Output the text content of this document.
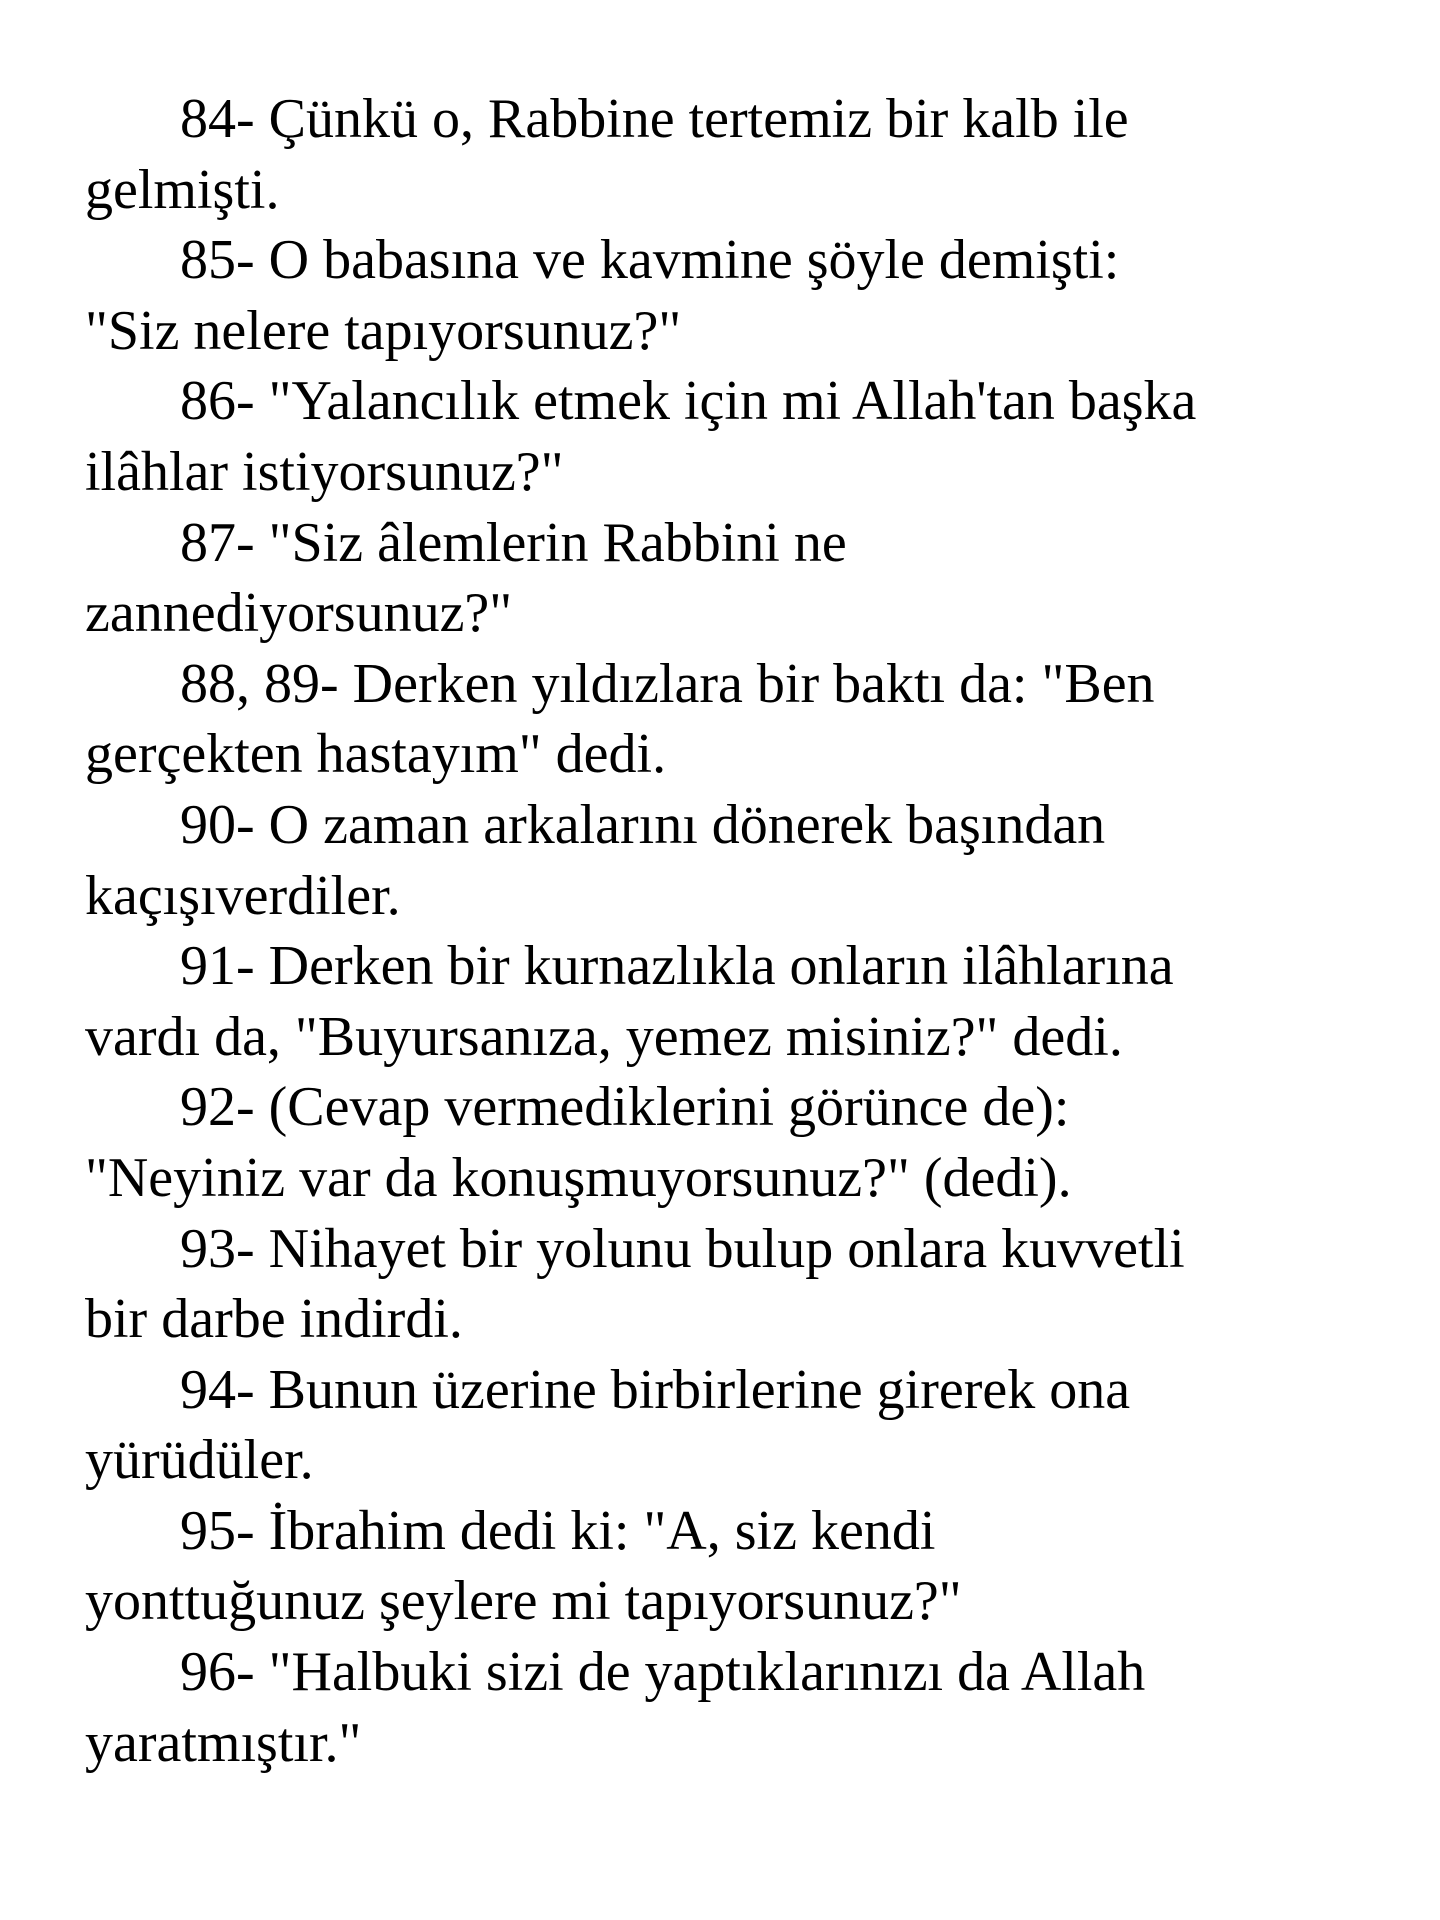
84- Çünkü o, Rabbine tertemiz bir kalb ile
gelmişti.

85- O babasına ve kavmine şöyle demişti:
"Siz nelere tapıyorsunuz?"

86- "Yalancılık etmek için mi Allah'tan başka
ilâhlar istiyorsunuz?"

87- "Siz âlemlerin Rabbini ne
zannediyorsunuz?"

88, 89- Derken yıldızlara bir baktı da: "Ben
gerçekten hastayım" dedi.

90- O zaman arkalarını dönerek başından
kaçışıverdiler.

91- Derken bir kurnazlıkla onların ilâhlarına
vardı da, "Buyursanıza, yemez misiniz?" dedi.

92- (Cevap vermediklerini görünce de):
"Neyiniz var da konuşmuyorsunuz?" (dedi).

93- Nihayet bir yolunu bulup onlara kuvvetli
bir darbe indirdi.

94- Bunun üzerine birbirlerine girerek ona
yürüdüler.

95- İbrahim dedi ki: "A, siz kendi
yonttuğunuz şeylere mi tapıyorsunuz?"

96- "Halbuki sizi de yaptıklarınızı da Allah
yaratmıştır."
